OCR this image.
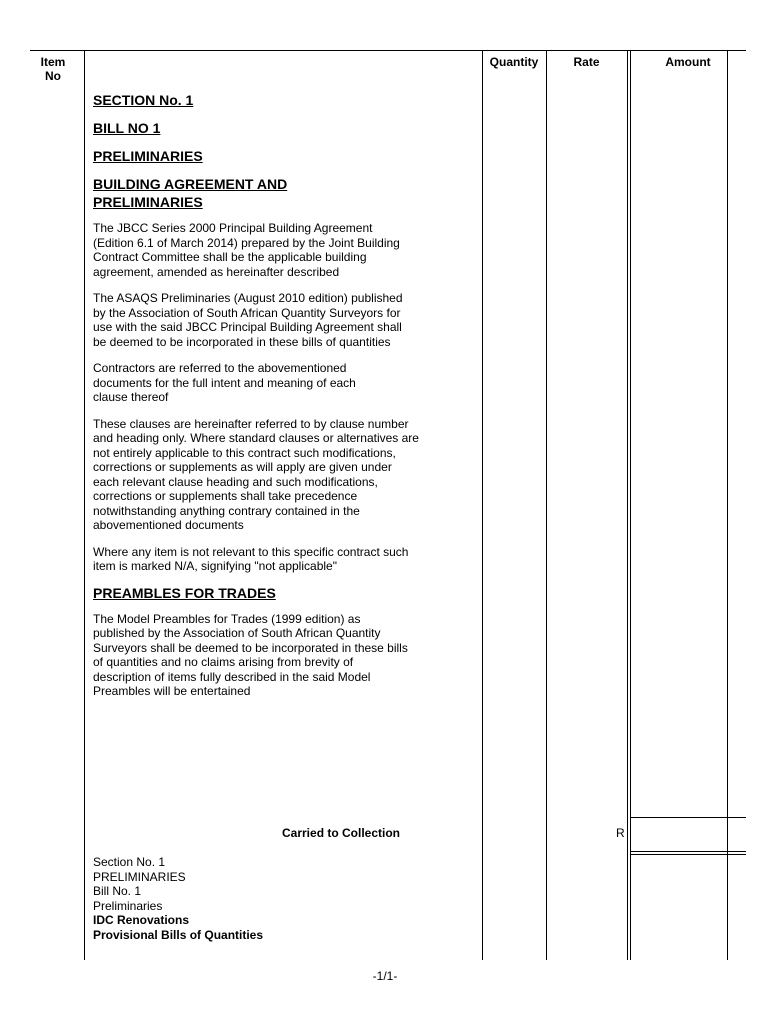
Item
No
Quantity	Rate	Amount

SECTION No. 1

BILL NO 1

PRELIMINARIES

BUILDING AGREEMENT AND PRELIMINARIES

The JBCC Series 2000 Principal Building Agreement (Edition 6.1 of March 2014) prepared by the Joint Building Contract Committee shall be the applicable building agreement, amended as hereinafter described

The ASAQS Preliminaries (August 2010 edition) published by the Association of South African Quantity Surveyors for use with the said JBCC Principal Building Agreement shall be deemed to be incorporated in these bills of quantities

Contractors are referred to the abovementioned documents for the full intent and meaning of each clause thereof

These clauses are hereinafter referred to by clause number and heading only. Where standard clauses or alternatives are not entirely applicable to this contract such modifications, corrections or supplements as will apply are given under each relevant clause heading and such modifications, corrections or supplements shall take precedence notwithstanding anything contrary contained in the abovementioned documents

Where any item is not relevant to this specific contract such item is marked N/A, signifying "not applicable"

PREAMBLES FOR TRADES

The Model Preambles for Trades (1999 edition) as published by the Association of South African Quantity Surveyors shall be deemed to be incorporated in these bills of quantities and no claims arising from brevity of description of items fully described in the said Model Preambles will be entertained

Carried to Collection	R
Section No. 1
PRELIMINARIES
Bill No. 1
Preliminaries
IDC Renovations
Provisional Bills of Quantities
-1/1-
